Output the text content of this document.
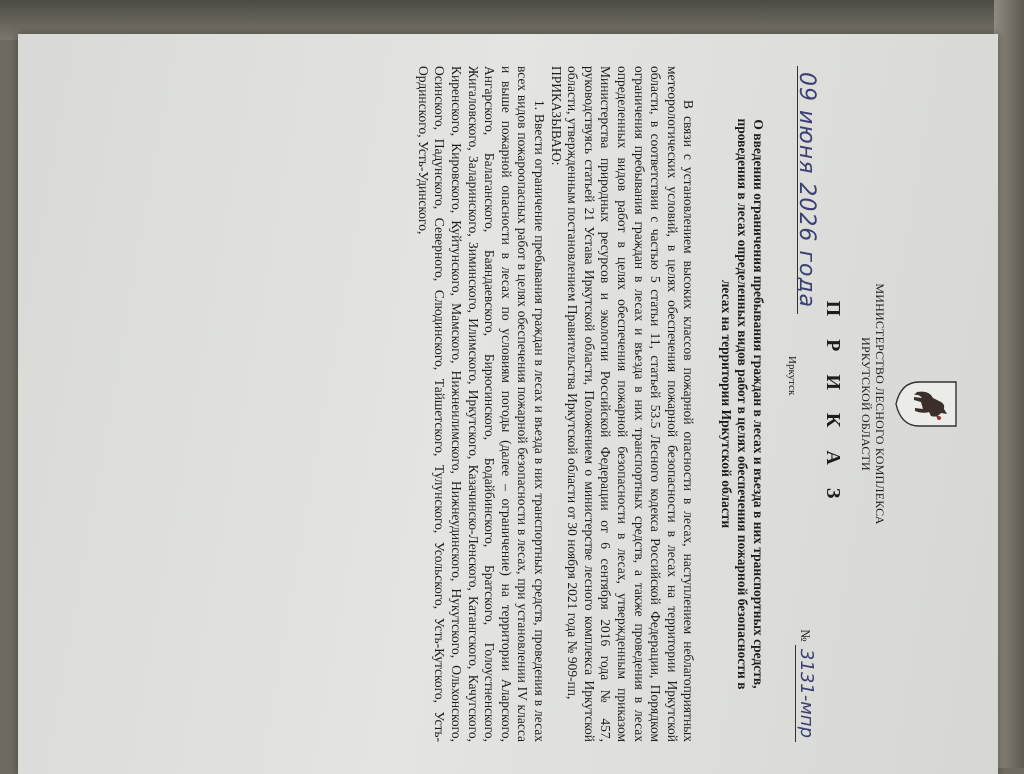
МИНИСТЕРСТВО ЛЕСНОГО КОМПЛЕКСА
ИРКУТСКОЙ ОБЛАСТИ
П Р И К А З
09 июня 2026 года
Иркутск
№ 3131-мпр
О введении ограничения пребывания граждан в лесах и въезда в них транспортных средств, проведения в лесах определенных видов работ в целях обеспечения пожарной безопасности в лесах на территории Иркутской области

В связи с установлением высоких классов пожарной опасности в лесах, наступлением неблагоприятных метеорологических условий, в целях обеспечения пожарной безопасности в лесах на территории Иркутской области, в соответствии с частью 5 статьи 11, статьей 53.5 Лесного кодекса Российской Федерации, Порядком ограничения пребывания граждан в лесах и въезда в них транспортных средств, а также проведения в лесах определенных видов работ в целях обеспечения пожарной безопасности в лесах, утвержденным приказом Министерства природных ресурсов и экологии Российской Федерации от 6 сентября 2016 года № 457, руководствуясь статьей 21 Устава Иркутской области, Положением о министерстве лесного комплекса Иркутской области, утвержденным постановлением Правительства Иркутской области от 30 ноября 2021 года № 909-пп,

ПРИКАЗЫВАЮ:

1. Ввести ограничение пребывания граждан в лесах и въезда в них транспортных средств, проведения в лесах всех видов пожароопасных работ в целях обеспечения пожарной безопасности в лесах, при установлении IV класса и выше пожарной опасности в лесах по условиям погоды (далее – ограничение) на территории Аларского, Ангарского, Балаганского, Баяндаевского, Бирюсинского, Бодайбинского, Братского, Голоустненского, Жигаловского, Заларинского, Зиминского, Илимского, Иркутского, Казачинско-Ленского, Катангского, Качугского, Киренского, Кировского, Куйтунского, Мамского, Нижнеилимского, Нижнеудинского, Нукутского, Ольхонского, Осинского, Падунского, Северного, Слюдинского, Тайшетского, Тулунского, Усольского, Усть-Кутского, Усть-Ординского, Усть-Удинского,
